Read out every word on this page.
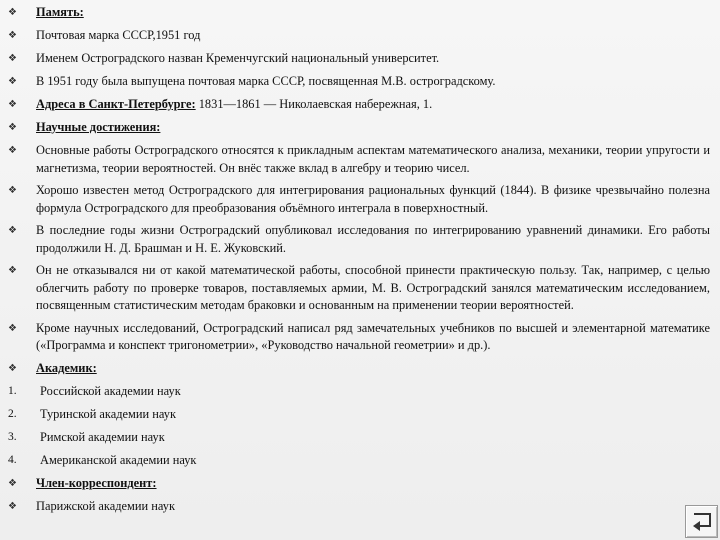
❖	Память:
❖	Почтовая марка СССР,1951 год
❖	Именем Остроградского назван Кременчугский национальный университет.
❖	В 1951 году была выпущена почтовая марка СССР, посвященная М.В. остроградскому.
❖	Адреса в Санкт-Петербурге: 1831—1861 — Николаевская набережная, 1.
❖	Научные достижения:
❖	Основные работы Остроградского относятся к прикладным аспектам математического анализа, механики, теории упругости и магнетизма, теории вероятностей. Он внёс также вклад в алгебру и теорию чисел.
❖	Хорошо известен метод Остроградского для интегрирования рациональных функций (1844). В физике чрезвычайно полезна формула Остроградского для преобразования объёмного интеграла в поверхностный.
❖	В последние годы жизни Остроградский опубликовал исследования по интегрированию уравнений динамики. Его работы продолжили Н. Д. Брашман и Н. Е. Жуковский.
❖	Он не отказывался ни от какой математической работы, способной принести практическую пользу. Так, например, с целью облегчить работу по проверке товаров, поставляемых армии, М. В. Остроградский занялся математическим исследованием, посвященным статистическим методам браковки и основанным на применении теории вероятностей.
❖	Кроме научных исследований, Остроградский написал ряд замечательных учебников по высшей и элементарной математике («Программа и конспект тригонометрии», «Руководство начальной геометрии» и др.).
❖	Академик:
1.	Российской академии наук
2.	Туринской академии наук
3.	Римской академии наук
4.	Американской академии наук
❖	Член-корреспондент:
❖	Парижской академии наук
